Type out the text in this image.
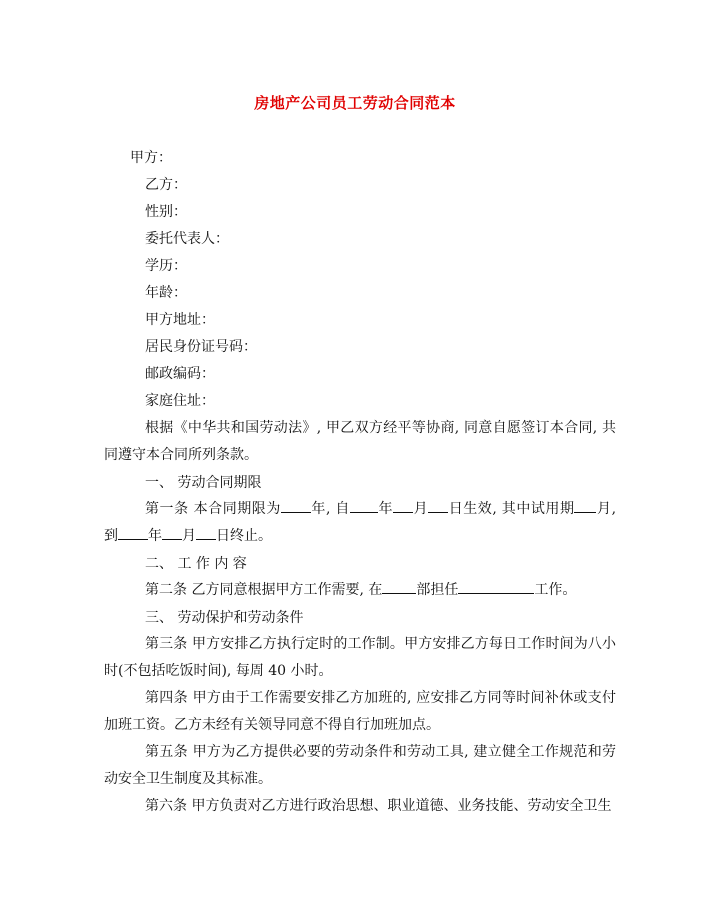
房地产公司员工劳动合同范本
甲方：
乙方：
性别：
委托代表人：
学历：
年龄：
甲方地址：
居民身份证号码：
邮政编码：
家庭住址：
根据《中华共和国劳动法》, 甲乙双方经平等协商, 同意自愿签订本合同, 共同遵守本合同所列条款。
一、 劳动合同期限
第一条 本合同期限为 年, 自 年 月 日生效, 其中试用期 月, 到 年 月 日终止。
二、 工 作 内 容
第二条 乙方同意根据甲方工作需要, 在 部担任	工作。
三、 劳动保护和劳动条件
第三条 甲方安排乙方执行定时的工作制。甲方安排乙方每日工作时间为八小时(不包括吃饭时间), 每周 40 小时。
第四条 甲方由于工作需要安排乙方加班的, 应安排乙方同等时间补休或支付加班工资。乙方未经有关领导同意不得自行加班加点。
第五条 甲方为乙方提供必要的劳动条件和劳动工具, 建立健全工作规范和劳动安全卫生制度及其标准。
第六条 甲方负责对乙方进行政治思想、职业道德、业务技能、劳动安全卫生
